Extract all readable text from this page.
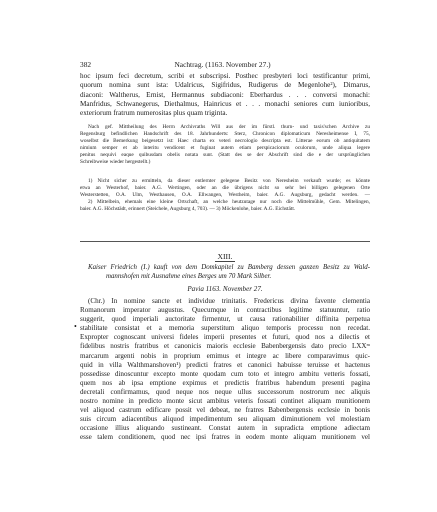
382	Nachtrag. (1163. November 27.)
hoc ipsum feci decretum, scribi et subscripsi. Posthec presbyteri loci testificantur primi,
quorum nomina sunt ista: Udalricus, Sigifridus, Rudigerus de Megenlohe²), Dimarus,
diaconi: Waltherus, Ernist, Hermannus subdiaconi: Eberhardus . . . conversi monachi:
Manfridus, Schwanegerus, Diethalmus, Hainricus et . . . monachi seniores cum iunioribus,
exteriorum fratrum numerositas plus quam triginta.
Nach gef. Mittheilung des Herrn Archivraths Will aus der im fürstl. thurn- und taxis'schen Archive zu
Regensburg befindlichen Handschrift des 18. Jahrhunderts: Sterz, Chronicon diplomaticum Neresheimense I, 75,
woselbst die Bemerkung beigesetzt ist: Haec charta ex veteri necrologio descripta est. Litterae eorum ob antiquitatem
nimium semper et ab interitu vendicent et fuginat autem etiam perspicaciorum oculorum, unde aliqua legere
penitus nequivi eaque quibusdam obelis notata sunt. (Statt des se der Abschrift sind die e der ursprünglichen
Schreibweise wieder hergestellt.)
1) Nicht sicher zu ermitteln, da dieser entlernter gelegene Besitz von Neresheim verkauft wurde; es könnte
etwa an Westerhof, baier. A.G. Wertingen, oder an die übrigens nicht so sehr bei billigen gelegenen Orte
Westerstetten, O.A. Ulm, Westhausen, O.A. Ellwangen, Westheim, baier. A.G. Augsburg, gedacht werden. —
2) Mittelbein, ehemals eine kleine Ortschaft, an welche heutzutage nur noch die Mittelmühle, Gem. Mitelingen,
baier. A.G. Höchstädt, erinnert (Steichele, Augsburg 4, 703). — 3) Möckenlohe, baier. A.G. Eichstätt.
XIII.
Kaiser Friedrich (I.) kauft von dem Domkapitel zu Bamberg dessen ganzen Besitz zu Wald-
mannshofen mit Ausnahme eines Berges um 70 Mark Silber.
Pavia 1163. November 27.
•
(Chr.) In nomine sancte et individue trinitatis. Fredericus divina favente clementia
Romanorum imperator augustus. Quecumque in contractibus legitime statuuntur, ratio
suggerit, quod imperiali auctoritate firmentur, ut causa rationabiliter diffinita perpetua
stabilitate consistat et a memoria superstitum aliquo temporis processu non recedat.
Expropter cognoscant universi fideles imperii presentes et futuri, quod nos a dilectis et
fidelibus nostris fratribus et canonicis maioris ecclesie Babenbergensis dato precio LXXᵐ
marcarum argenti nobis in proprium emimus et integre ac libere comparavimus quic-
quid in villa Walthmanshoven¹) predicti fratres et canonici habuisse teruisse et hactenus
possedisse dinoscuntur excepto monte quodam cum toto et integro ambitu vetteris fossati,
quem nos ab ipsa emptione expimus et predictis fratribus habendum presenti pagina
decretali confirmamus, quod neque nos neque ullus successorum nostrorum nec aliquis
nostro nomine in predicto monte sicut ambitus veteris fossati continet aliquam munitionem
vel aliquod castrum edificare possit vel debeat, ne fratres Babenbergensis ecclesie in bonis
suis circum adiacentibus aliquod impedimentum seu aliquam diminutionem vel molestiam
occasione illius aliquando sustineant. Constat autem in supradicta emptione adiectam
esse talem conditionem, quod nec ipsi fratres in eodem monte aliquam munitionem vel
